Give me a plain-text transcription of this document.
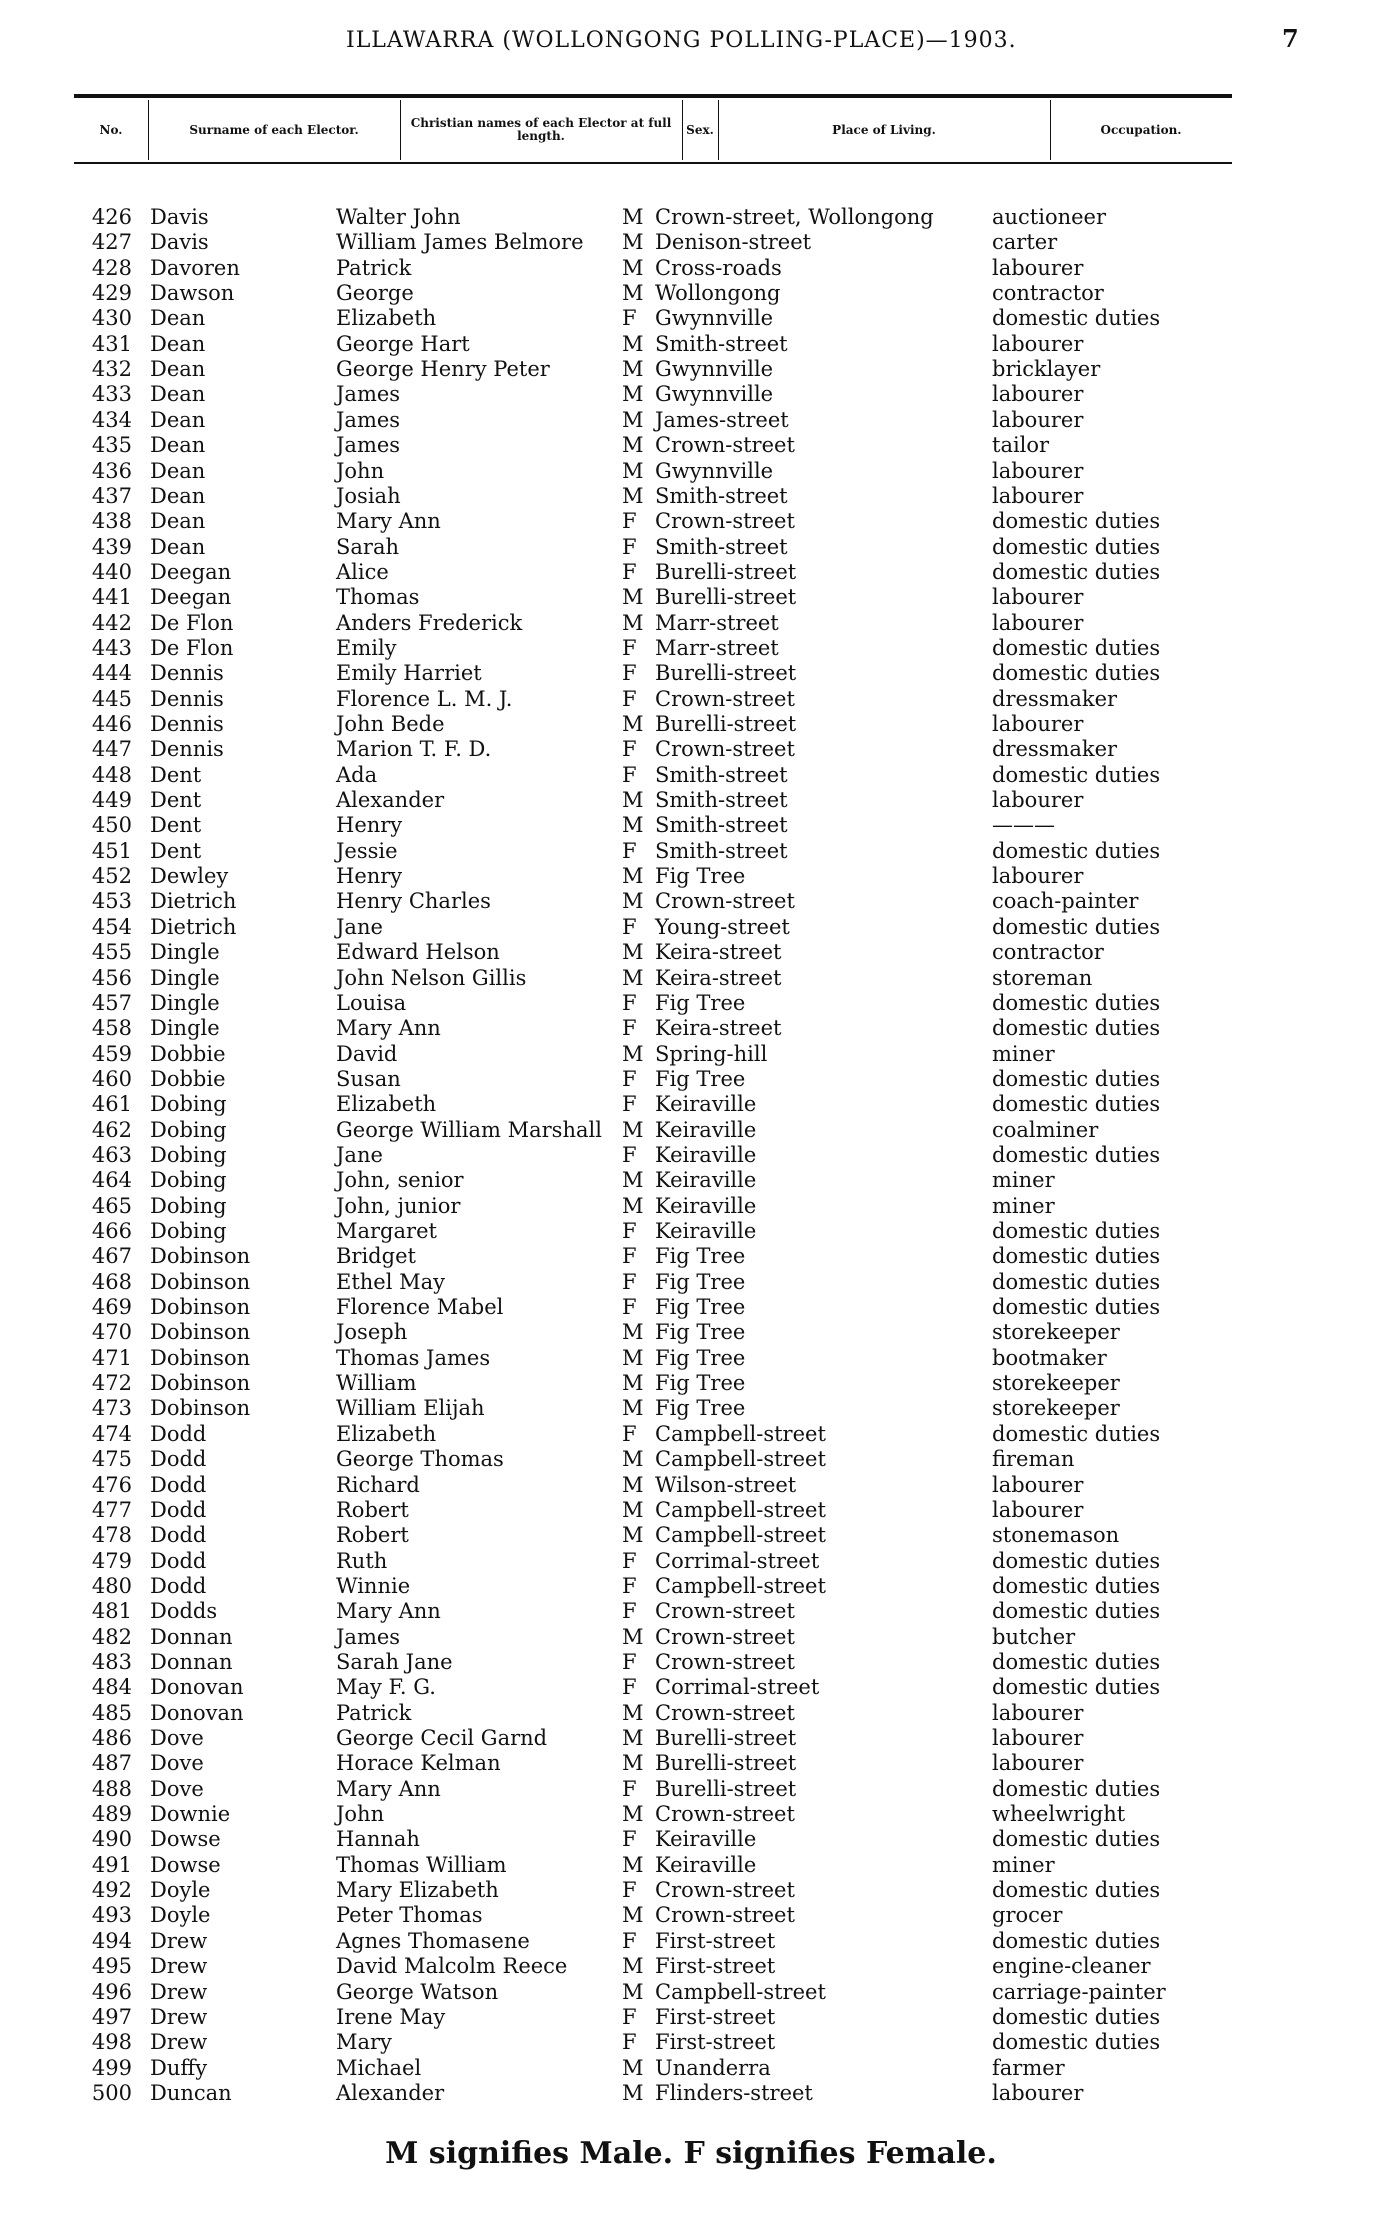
ILLAWARRA (WOLLONGONG POLLING-PLACE)—1903.	7
No.	Surname of each Elector.	Christian names of each Elector at full length.	Sex.	Place of Living.	Occupation.
426 Davis	Walter John	M Crown-street, Wollongong	auctioneer
427 Davis	William James Belmore M Denison-street	carter
428 Davoren	Patrick	M Cross-roads	labourer
429 Dawson	George	M Wollongong	contractor
430 Dean	Elizabeth	F Gwynnville	domestic duties
431 Dean	George Hart	M Smith-street	labourer
432 Dean	George Henry Peter	M Gwynnville	bricklayer
433 Dean	James	M Gwynnville	labourer
434 Dean	James	M James-street	labourer
435 Dean	James	M Crown-street	tailor
436 Dean	John	M Gwynnville	labourer
437 Dean	Josiah	M Smith-street	labourer
438 Dean	Mary Ann	F Crown-street	domestic duties
439 Dean	Sarah	F Smith-street	domestic duties
440 Deegan	Alice	F Burelli-street	domestic duties
441 Deegan	Thomas	M Burelli-street	labourer
442 De Flon	Anders Frederick	M Marr-street	labourer
443 De Flon	Emily	F Marr-street	domestic duties
444 Dennis	Emily Harriet	F Burelli-street	domestic duties
445 Dennis	Florence L. M. J.	F Crown-street	dressmaker
446 Dennis	John Bede	M Burelli-street	labourer
447 Dennis	Marion T. F. D.	F Crown-street	dressmaker
448 Dent	Ada	F Smith-street	domestic duties
449 Dent	Alexander	M Smith-street	labourer
450 Dent	Henry	M Smith-street	———
451 Dent	Jessie	F Smith-street	domestic duties
452 Dewley	Henry	M Fig Tree	labourer
453 Dietrich	Henry Charles	M Crown-street	coach-painter
454 Dietrich	Jane	F Young-street	domestic duties
455 Dingle	Edward Helson	M Keira-street	contractor
456 Dingle	John Nelson Gillis	M Keira-street	storeman
457 Dingle	Louisa	F Fig Tree	domestic duties
458 Dingle	Mary Ann	F Keira-street	domestic duties
459 Dobbie	David	M Spring-hill	miner
460 Dobbie	Susan	F Fig Tree	domestic duties
461 Dobing	Elizabeth	F Keiraville	domestic duties
462 Dobing	George William Marshall M Keiraville	coalminer
463 Dobing	Jane	F Keiraville	domestic duties
464 Dobing	John, senior	M Keiraville	miner
465 Dobing	John, junior	M Keiraville	miner
466 Dobing	Margaret	F Keiraville	domestic duties
467 Dobinson	Bridget	F Fig Tree	domestic duties
468 Dobinson	Ethel May	F Fig Tree	domestic duties
469 Dobinson	Florence Mabel	F Fig Tree	domestic duties
470 Dobinson	Joseph	M Fig Tree	storekeeper
471 Dobinson	Thomas James	M Fig Tree	bootmaker
472 Dobinson	William	M Fig Tree	storekeeper
473 Dobinson	William Elijah	M Fig Tree	storekeeper
474 Dodd	Elizabeth	F Campbell-street	domestic duties
475 Dodd	George Thomas	M Campbell-street	fireman
476 Dodd	Richard	M Wilson-street	labourer
477 Dodd	Robert	M Campbell-street	labourer
478 Dodd	Robert	M Campbell-street	stonemason
479 Dodd	Ruth	F Corrimal-street	domestic duties
480 Dodd	Winnie	F Campbell-street	domestic duties
481 Dodds	Mary Ann	F Crown-street	domestic duties
482 Donnan	James	M Crown-street	butcher
483 Donnan	Sarah Jane	F Crown-street	domestic duties
484 Donovan	May F. G.	F Corrimal-street	domestic duties
485 Donovan	Patrick	M Crown-street	labourer
486 Dove	George Cecil Garnd	M Burelli-street	labourer
487 Dove	Horace Kelman	M Burelli-street	labourer
488 Dove	Mary Ann	F Burelli-street	domestic duties
489 Downie	John	M Crown-street	wheelwright
490 Dowse	Hannah	F Keiraville	domestic duties
491 Dowse	Thomas William	M Keiraville	miner
492 Doyle	Mary Elizabeth	F Crown-street	domestic duties
493 Doyle	Peter Thomas	M Crown-street	grocer
494 Drew	Agnes Thomasene	F First-street	domestic duties
495 Drew	David Malcolm Reece	M First-street	engine-cleaner
496 Drew	George Watson	M Campbell-street	carriage-painter
497 Drew	Irene May	F First-street	domestic duties
498 Drew	Mary	F First-street	domestic duties
499 Duffy	Michael	M Unanderra	farmer
500 Duncan	Alexander	M Flinders-street	labourer
M signifies Male. F signifies Female.
